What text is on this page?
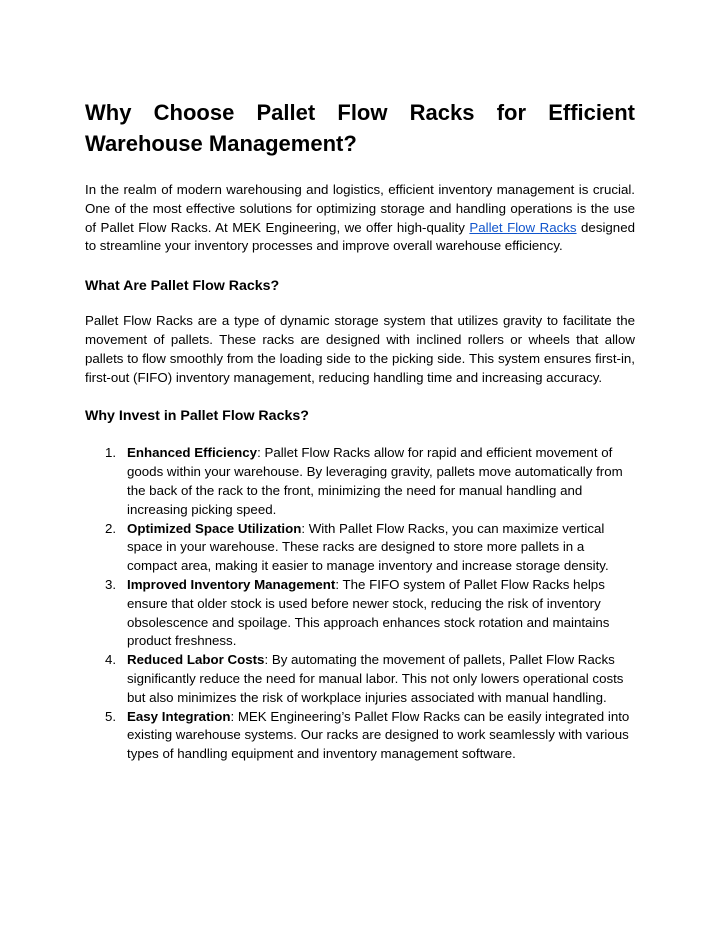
Why Choose Pallet Flow Racks for Efficient
Warehouse Management?

In the realm of modern warehousing and logistics, efficient inventory management is crucial. One of the most effective solutions for optimizing storage and handling operations is the use of Pallet Flow Racks. At MEK Engineering, we offer high-quality Pallet Flow Racks designed to streamline your inventory processes and improve overall warehouse efficiency.

What Are Pallet Flow Racks?

Pallet Flow Racks are a type of dynamic storage system that utilizes gravity to facilitate the movement of pallets. These racks are designed with inclined rollers or wheels that allow pallets to flow smoothly from the loading side to the picking side. This system ensures first-in, first-out (FIFO) inventory management, reducing handling time and increasing accuracy.

Why Invest in Pallet Flow Racks?
1. Enhanced Efficiency: Pallet Flow Racks allow for rapid and efficient movement of goods within your warehouse. By leveraging gravity, pallets move automatically from the back of the rack to the front, minimizing the need for manual handling and increasing picking speed.
2. Optimized Space Utilization: With Pallet Flow Racks, you can maximize vertical space in your warehouse. These racks are designed to store more pallets in a compact area, making it easier to manage inventory and increase storage density.
3. Improved Inventory Management: The FIFO system of Pallet Flow Racks helps ensure that older stock is used before newer stock, reducing the risk of inventory obsolescence and spoilage. This approach enhances stock rotation and maintains product freshness.
4. Reduced Labor Costs: By automating the movement of pallets, Pallet Flow Racks significantly reduce the need for manual labor. This not only lowers operational costs but also minimizes the risk of workplace injuries associated with manual handling.
5. Easy Integration: MEK Engineering’s Pallet Flow Racks can be easily integrated into existing warehouse systems. Our racks are designed to work seamlessly with various types of handling equipment and inventory management software.
